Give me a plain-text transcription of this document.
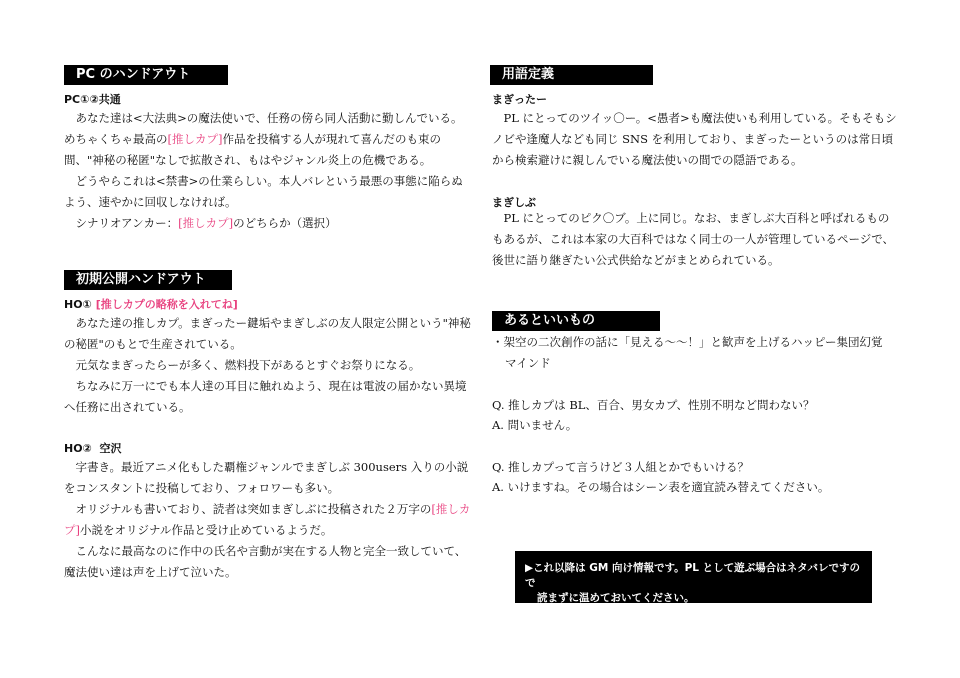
PC のハンドアウト
PC①②共通

あなた達は<大法典>の魔法使いで、任務の傍ら同人活動に勤しんでいる。めちゃくちゃ最高の[推しカプ]作品を投稿する人が現れて喜んだのも束の間、"神秘の秘匿"なしで拡散され、もはやジャンル炎上の危機である。

どうやらこれは<禁書>の仕業らしい。本人バレという最悪の事態に陥らぬよう、速やかに回収しなければ。

シナリオアンカー：[推しカプ]のどちらか（選択）

初期公開ハンドアウト
HO① [推しカプの略称を入れてね]

あなた達の推しカプ。まぎったー鍵垢やまぎしぶの友人限定公開という"神秘の秘匿"のもとで生産されている。

元気なまぎったらーが多く、燃料投下があるとすぐお祭りになる。

ちなみに万一にでも本人達の耳目に触れぬよう、現在は電波の届かない異境へ任務に出されている。

HO② 空沢

字書き。最近アニメ化もした覇権ジャンルでまぎしぶ 300users 入りの小説をコンスタントに投稿しており、フォロワーも多い。

オリジナルも書いており、読者は突如まぎしぶに投稿された２万字の[推しカプ]小説をオリジナル作品と受け止めているようだ。

こんなに最高なのに作中の氏名や言動が実在する人物と完全一致していて、魔法使い達は声を上げて泣いた。

用語定義
まぎったー

PL にとってのツイッ〇ー。<愚者>も魔法使いも利用している。そもそもシノビや逢魔人なども同じ SNS を利用しており、まぎったーというのは常日頃から検索避けに親しんでいる魔法使いの間での隠語である。

まぎしぶ

PL にとってのピク〇ブ。上に同じ。なお、まぎしぶ大百科と呼ばれるものもあるが、これは本家の大百科ではなく同士の一人が管理しているページで、後世に語り継ぎたい公式供給などがまとめられている。

あるといいもの
・架空の二次創作の話に「見える～～！」と歓声を上げるハッピー集団幻覚
マインド
Q. 推しカプは BL、百合、男女カプ、性別不明など問わない？
A. 問いません。
Q. 推しカプって言うけど３人組とかでもいける？
A. いけますね。その場合はシーン表を適宜読み替えてください。
▶これ以降は GM 向け情報です。PL として遊ぶ場合はネタバレですので
読まずに温めておいてください。
